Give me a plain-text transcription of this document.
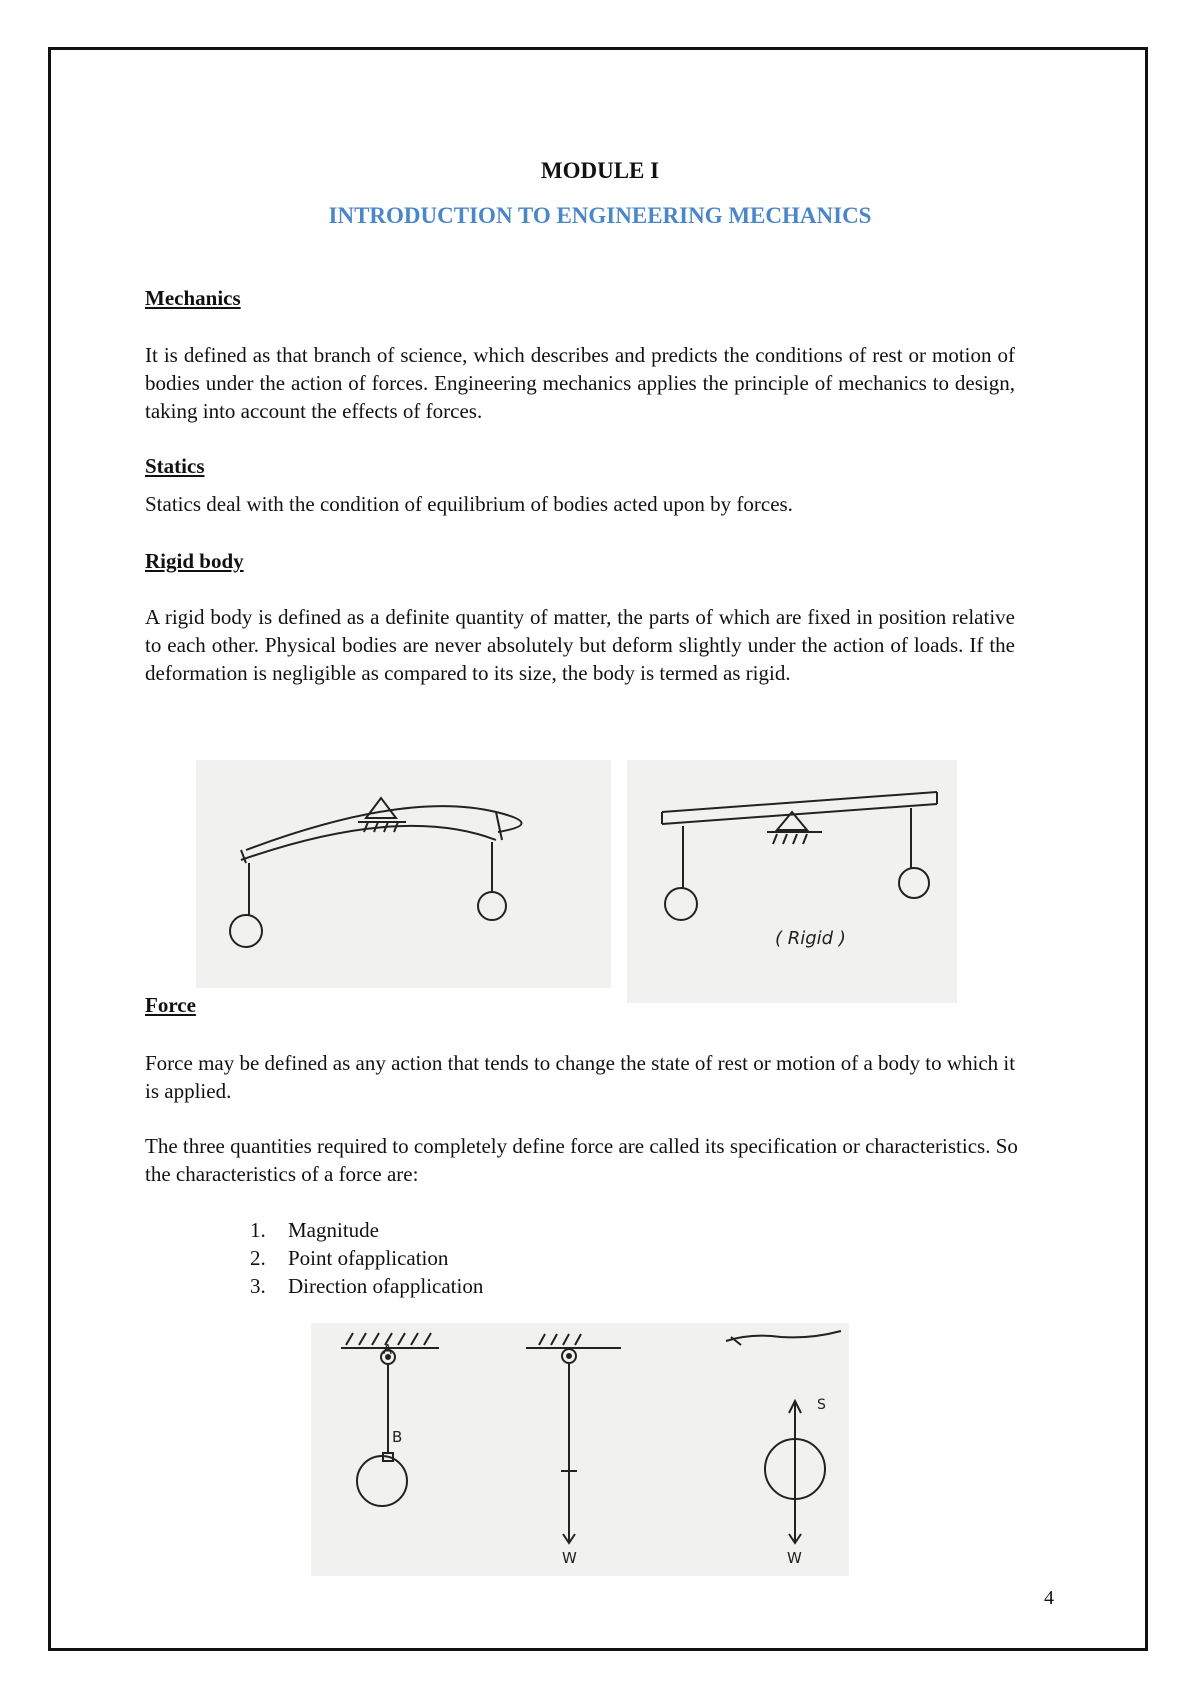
MODULE I
INTRODUCTION TO ENGINEERING MECHANICS
Mechanics
It is defined as that branch of science, which describes and predicts the conditions of rest or motion of bodies under the action of forces. Engineering mechanics applies the principle of mechanics to design, taking into account the effects of forces.
Statics
Statics deal with the condition of equilibrium of bodies acted upon by forces.
Rigid body
A rigid body is defined as a definite quantity of matter, the parts of which are fixed in position relative to each other. Physical bodies are never absolutely but deform slightly under the action of loads. If the deformation is negligible as compared to its size, the body is termed as rigid.
( Rigid )
Force
Force may be defined as any action that tends to change the state of rest or motion of a body to which it is applied.
The three quantities required to completely define force are called its specification or characteristics. So the characteristics of a force are:
1. Magnitude
2. Point ofapplication
3. Direction ofapplication
A
B
S
W	W
4
